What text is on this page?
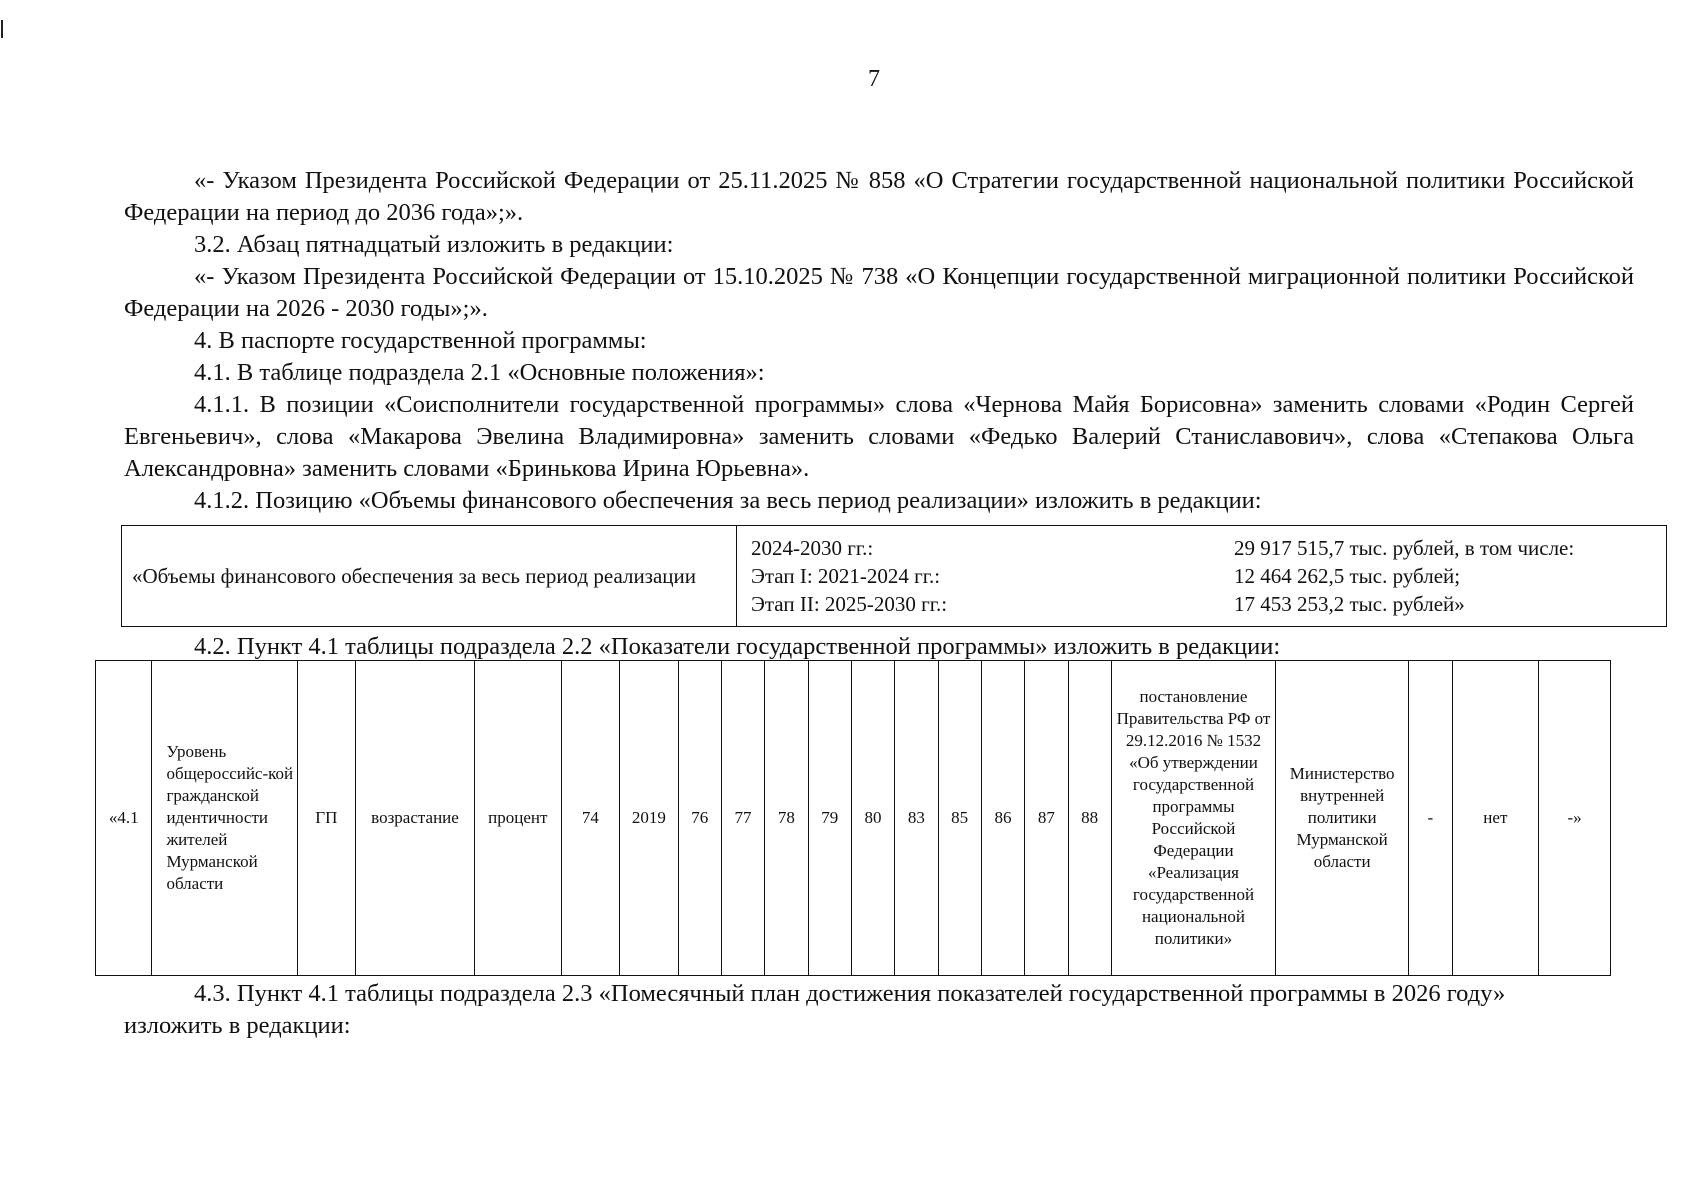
7

«- Указом Президента Российской Федерации от 25.11.2025 № 858 «О Стратегии государственной национальной политики Российской Федерации на период до 2036 года»;».

3.2. Абзац пятнадцатый изложить в редакции:

«- Указом Президента Российской Федерации от 15.10.2025 № 738 «О Концепции государственной миграционной политики Российской Федерации на 2026 - 2030 годы»;».

4. В паспорте государственной программы:

4.1. В таблице подраздела 2.1 «Основные положения»:

4.1.1. В позиции «Соисполнители государственной программы» слова «Чернова Майя Борисовна» заменить словами «Родин Сергей Евгеньевич», слова «Макарова Эвелина Владимировна» заменить словами «Федько Валерий Станиславович», слова «Степакова Ольга Александровна» заменить словами «Бринькова Ирина Юрьевна».

4.1.2. Позицию «Объемы финансового обеспечения за весь период реализации» изложить в редакции:

«Объемы финансового обеспечения за весь период реализации	
2024-2030 гг.:	29 917 515,7 тыс. рублей, в том числе:
Этап I: 2021-2024 гг.:	12 464 262,5 тыс. рублей;
Этап II: 2025-2030 гг.:	17 453 253,2 тыс. рублей»
4.2. Пункт 4.1 таблицы подраздела 2.2 «Показатели государственной программы» изложить в редакции:
«4.1	Уровень общероссийс-кой гражданской идентичности жителей Мурманской области	ГП	возрастание	процент	74	2019	76	77	78	79	80	83	85	86	87	88	постановление Правительства РФ от 29.12.2016 № 1532 «Об утверждении государственной программы Российской Федерации «Реализация государственной национальной политики»	Министерство внутренней политики Мурманской области	-	нет	-»

4.3. Пункт 4.1 таблицы подраздела 2.3 «Помесячный план достижения показателей государственной программы в 2026 году» изложить в редакции:
